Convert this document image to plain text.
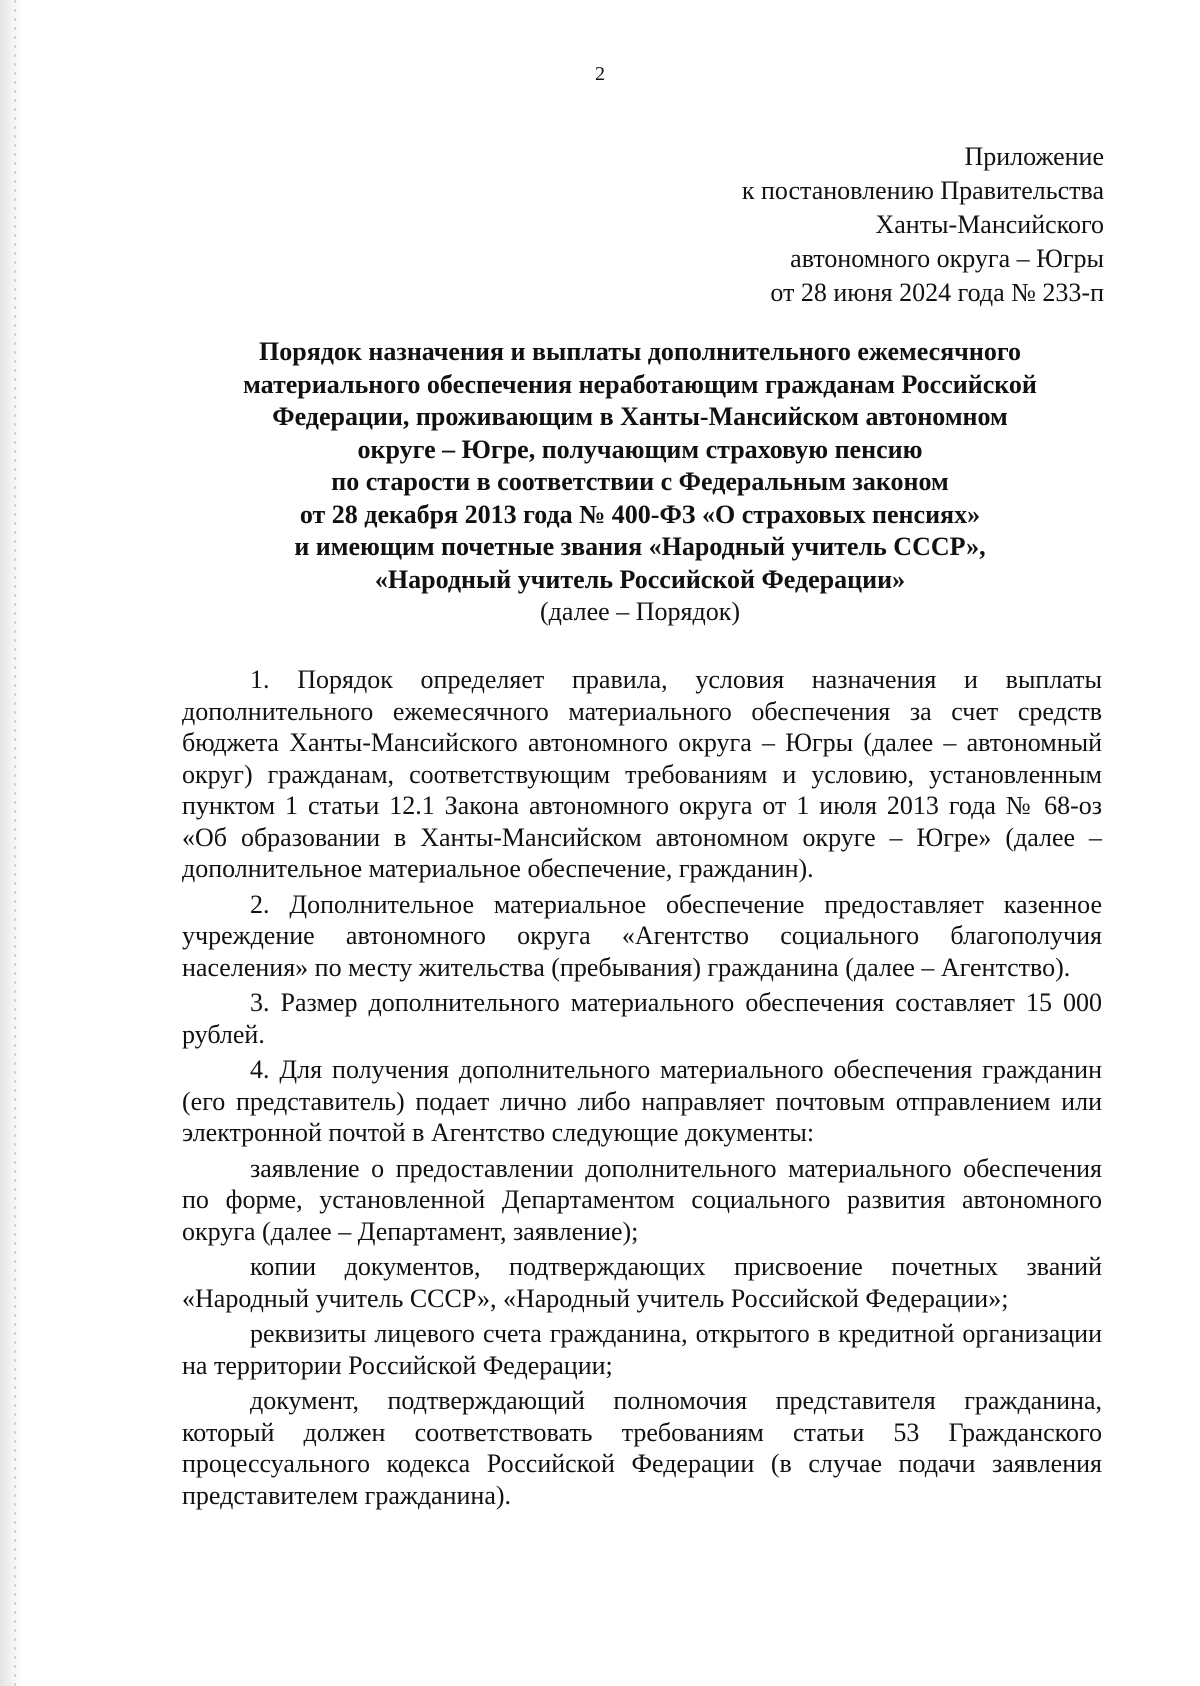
2
Приложение
к постановлению Правительства
Ханты-Мансийского
автономного округа – Югры
от 28 июня 2024 года № 233-п
Порядок назначения и выплаты дополнительного ежемесячного
материального обеспечения неработающим гражданам Российской
Федерации, проживающим в Ханты-Мансийском автономном
округе – Югре, получающим страховую пенсию
по старости в соответствии с Федеральным законом
от 28 декабря 2013 года № 400-ФЗ «О страховых пенсиях»
и имеющим почетные звания «Народный учитель СССР»,
«Народный учитель Российской Федерации»
(далее – Порядок)

1. Порядок определяет правила, условия назначения и выплаты дополнительного ежемесячного материального обеспечения за счет средств бюджета Ханты-Мансийского автономного округа – Югры (далее – автономный округ) гражданам, соответствующим требованиям и условию, установленным пунктом 1 статьи 12.1 Закона автономного округа от 1 июля 2013 года № 68-оз «Об образовании в Ханты-Мансийском автономном округе – Югре» (далее – дополнительное материальное обеспечение, гражданин).

2. Дополнительное материальное обеспечение предоставляет казенное учреждение автономного округа «Агентство социального благополучия населения» по месту жительства (пребывания) гражданина (далее – Агентство).

3. Размер дополнительного материального обеспечения составляет 15 000 рублей.

4. Для получения дополнительного материального обеспечения гражданин (его представитель) подает лично либо направляет почтовым отправлением или электронной почтой в Агентство следующие документы:

заявление о предоставлении дополнительного материального обеспечения по форме, установленной Департаментом социального развития автономного округа (далее – Департамент, заявление);

копии документов, подтверждающих присвоение почетных званий «Народный учитель СССР», «Народный учитель Российской Федерации»;

реквизиты лицевого счета гражданина, открытого в кредитной организации на территории Российской Федерации;

документ, подтверждающий полномочия представителя гражданина, который должен соответствовать требованиям статьи 53 Гражданского процессуального кодекса Российской Федерации (в случае подачи заявления представителем гражданина).
